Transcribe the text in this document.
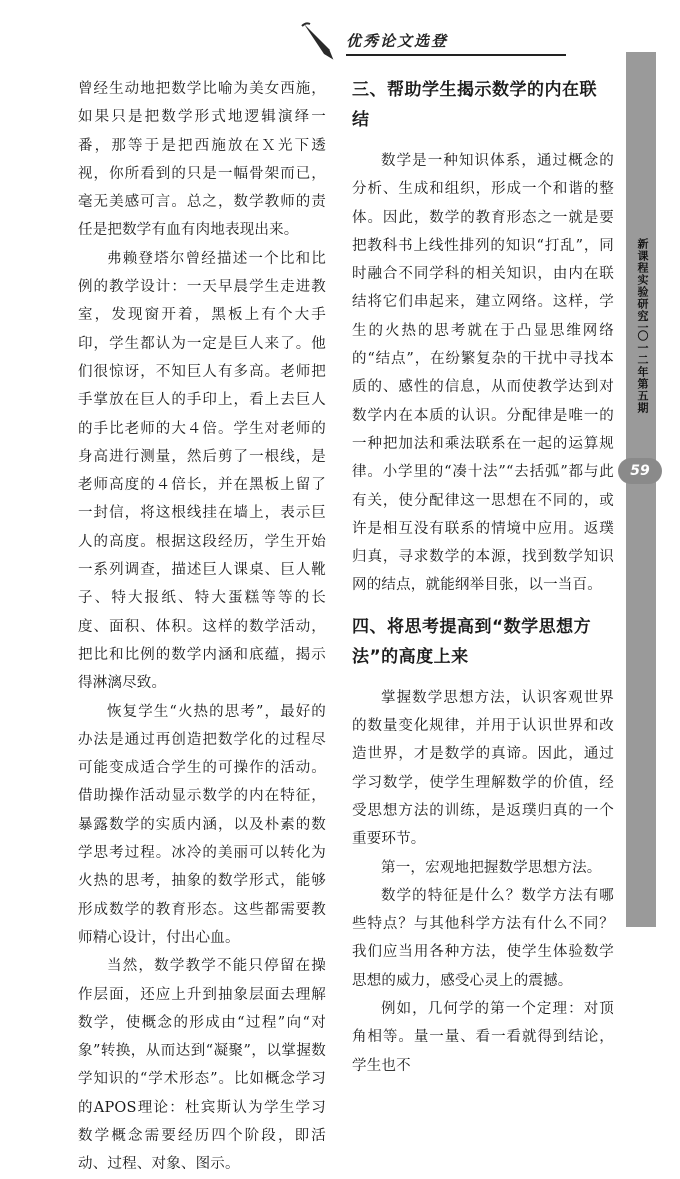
优秀论文选登

曾经生动地把数学比喻为美女西施，如果只是把数学形式地逻辑演绎一番，那等于是把西施放在Ｘ光下透视，你所看到的只是一幅骨架而已，毫无美感可言。总之，数学教师的责任是把数学有血有肉地表现出来。

弗赖登塔尔曾经描述一个比和比例的教学设计：一天早晨学生走进教室，发现窗开着，黑板上有个大手印，学生都认为一定是巨人来了。他们很惊讶，不知巨人有多高。老师把手掌放在巨人的手印上，看上去巨人的手比老师的大４倍。学生对老师的身高进行测量，然后剪了一根线，是老师高度的４倍长，并在黑板上留了一封信，将这根线挂在墙上，表示巨人的高度。根据这段经历，学生开始一系列调查，描述巨人课桌、巨人靴子、特大报纸、特大蛋糕等等的长度、面积、体积。这样的数学活动，把比和比例的数学内涵和底蕴，揭示得淋漓尽致。

恢复学生“火热的思考”，最好的办法是通过再创造把数学化的过程尽可能变成适合学生的可操作的活动。借助操作活动显示数学的内在特征，暴露数学的实质内涵，以及朴素的数学思考过程。冰冷的美丽可以转化为火热的思考，抽象的数学形式，能够形成数学的教育形态。这些都需要教师精心设计，付出心血。

当然，数学教学不能只停留在操作层面，还应上升到抽象层面去理解数学，使概念的形成由“过程”向“对象”转换，从而达到“凝聚”，以掌握数学知识的“学术形态”。比如概念学习的APOS理论：杜宾斯认为学生学习数学概念需要经历四个阶段，即活动、过程、对象、图示。

三、帮助学生揭示数学的内在联结

数学是一种知识体系，通过概念的分析、生成和组织，形成一个和谐的整体。因此，数学的教育形态之一就是要把教科书上线性排列的知识“打乱”，同时融合不同学科的相关知识，由内在联结将它们串起来，建立网络。这样，学生的火热的思考就在于凸显思维网络的“结点”，在纷繁复杂的干扰中寻找本质的、感性的信息，从而使教学达到对数学内在本质的认识。分配律是唯一的一种把加法和乘法联系在一起的运算规律。小学里的“凑十法”“去括弧”都与此有关，使分配律这一思想在不同的，或许是相互没有联系的情境中应用。返璞归真，寻求数学的本源，找到数学知识网的结点，就能纲举目张，以一当百。

四、将思考提高到“数学思想方法”的高度上来

掌握数学思想方法，认识客观世界的数量变化规律，并用于认识世界和改造世界，才是数学的真谛。因此，通过学习数学，使学生理解数学的价值，经受思想方法的训练，是返璞归真的一个重要环节。

第一，宏观地把握数学思想方法。

数学的特征是什么？数学方法有哪些特点？与其他科学方法有什么不同？我们应当用各种方法，使学生体验数学思想的威力，感受心灵上的震撼。

例如，几何学的第一个定理：对顶角相等。量一量、看一看就得到结论，学生也不

新课程实验研究
二〇一二年第五期
59
